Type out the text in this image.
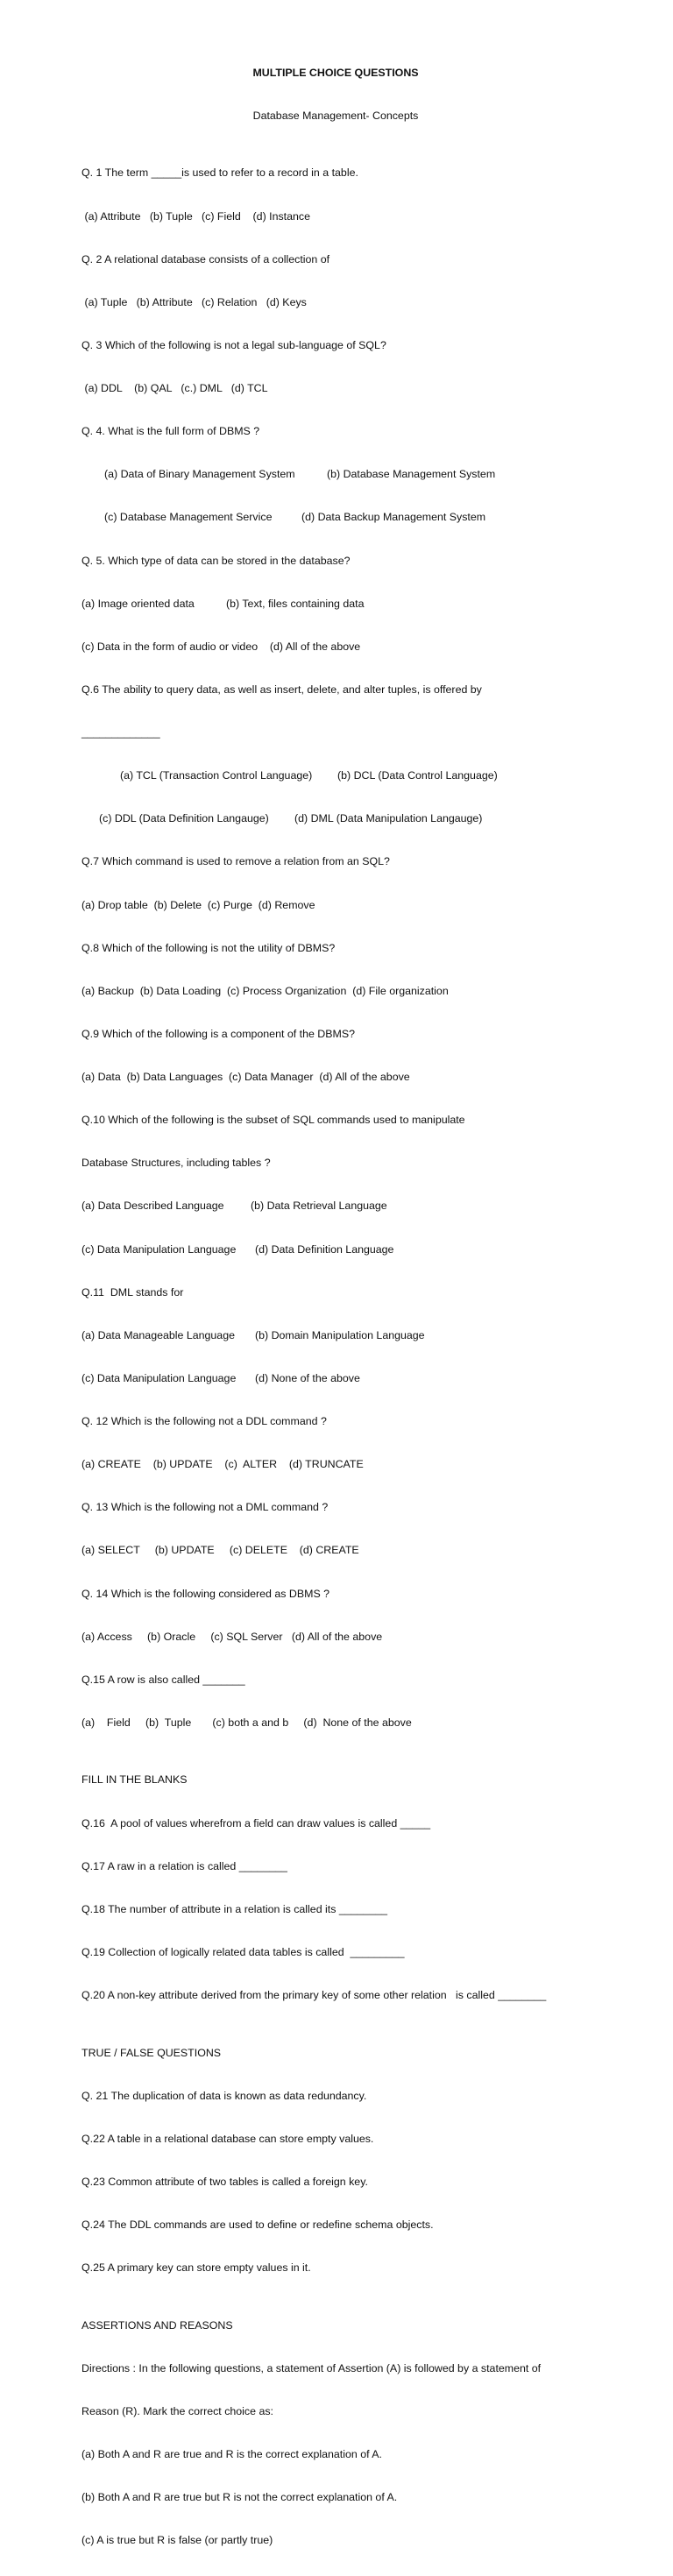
MULTIPLE CHOICE QUESTIONS

Database Management- Concepts

Q. 1 The term _____is used to refer to a record in a table.

(a) Attribute   (b) Tuple   (c) Field    (d) Instance

Q. 2 A relational database consists of a collection of

(a) Tuple   (b) Attribute   (c) Relation   (d) Keys

Q. 3 Which of the following is not a legal sub-language of SQL?

(a) DDL    (b) QAL   (c.) DML   (d) TCL

Q. 4. What is the full form of DBMS ?

(a) Data of Binary Management System	(b) Database Management System

(c) Database Management Service	(d) Data Backup Management System

Q. 5. Which type of data can be stored in the database?

(a) Image oriented data	(b) Text, files containing data

(c) Data in the form of audio or video    (d) All of the above

Q.6 The ability to query data, as well as insert, delete, and alter tuples, is offered by

_____________

(a) TCL (Transaction Control Language) (b) DCL (Data Control Language)

(c) DDL (Data Definition Langauge) (d) DML (Data Manipulation Langauge)

Q.7 Which command is used to remove a relation from an SQL?

(a) Drop table  (b) Delete  (c) Purge  (d) Remove

Q.8 Which of the following is not the utility of DBMS?

(a) Backup  (b) Data Loading  (c) Process Organization  (d) File organization

Q.9 Which of the following is a component of the DBMS?

(a) Data  (b) Data Languages  (c) Data Manager  (d) All of the above

Q.10 Which of the following is the subset of SQL commands used to manipulate

Database Structures, including tables ?

(a) Data Described Language (b) Data Retrieval Language

(c) Data Manipulation Language (d) Data Definition Language

Q.11  DML stands for

(a) Data Manageable Language (b) Domain Manipulation Language

(c) Data Manipulation Language (d) None of the above

Q. 12 Which is the following not a DDL command ?

(a) CREATE    (b) UPDATE    (c)  ALTER    (d) TRUNCATE

Q. 13 Which is the following not a DML command ?

(a) SELECT     (b) UPDATE     (c) DELETE    (d) CREATE

Q. 14 Which is the following considered as DBMS ?

(a) Access     (b) Oracle     (c) SQL Server   (d) All of the above

Q.15 A row is also called _______

(a)    Field     (b)  Tuple       (c) both a and b     (d)  None of the above

FILL IN THE BLANKS

Q.16  A pool of values wherefrom a field can draw values is called _____

Q.17 A raw in a relation is called ________

Q.18 The number of attribute in a relation is called its ________

Q.19 Collection of logically related data tables is called  _________

Q.20 A non-key attribute derived from the primary key of some other relation   is called ________

TRUE / FALSE QUESTIONS

Q. 21 The duplication of data is known as data redundancy.

Q.22 A table in a relational database can store empty values.

Q.23 Common attribute of two tables is called a foreign key.

Q.24 The DDL commands are used to define or redefine schema objects.

Q.25 A primary key can store empty values in it.

ASSERTIONS AND REASONS

Directions : In the following questions, a statement of Assertion (A) is followed by a statement of

Reason (R). Mark the correct choice as:

(a) Both A and R are true and R is the correct explanation of A.

(b) Both A and R are true but R is not the correct explanation of A.

(c) A is true but R is false (or partly true)
